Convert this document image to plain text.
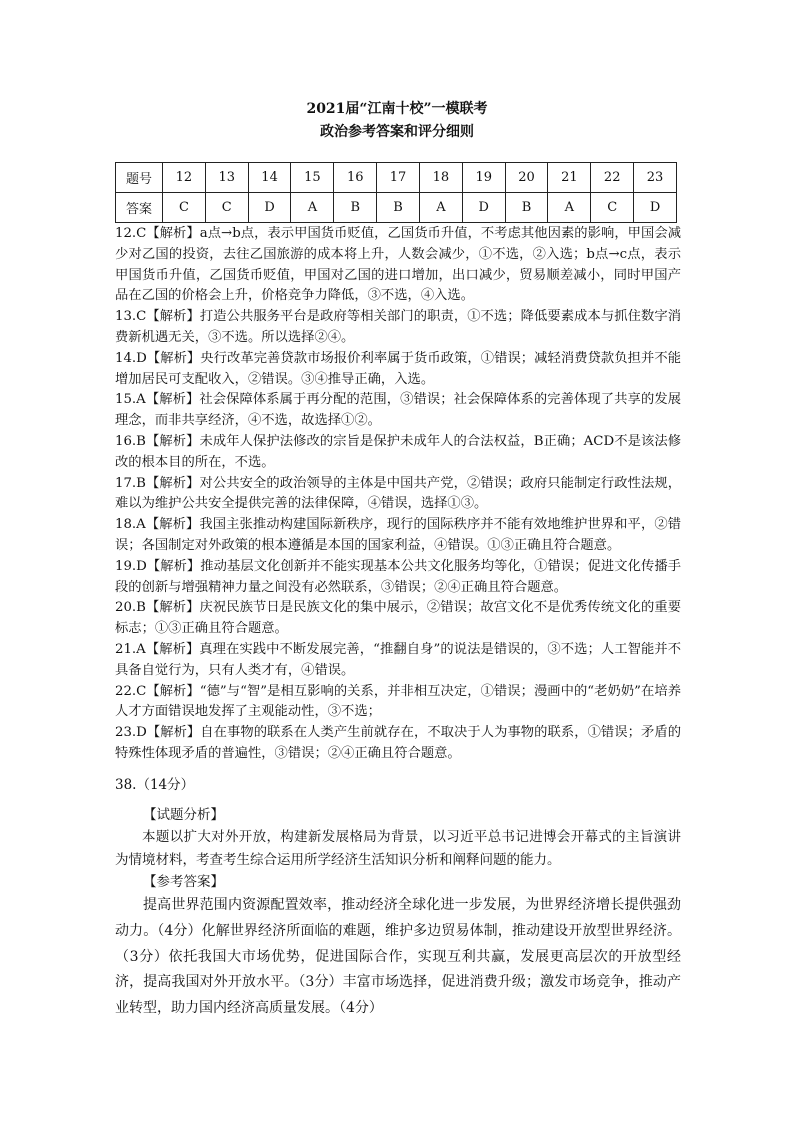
2021届“江南十校”一模联考
政治参考答案和评分细则
题号	12	13	14	15	16	17	18	19	20	21	22	23
答案	C	C	D	A	B	B	A	D	B	A	C	D

12.C【解析】a点→b点，表示甲国货币贬值，乙国货币升值，不考虑其他因素的影响，甲国会减少对乙国的投资，去往乙国旅游的成本将上升，人数会减少，①不选，②入选；b点→c点，表示甲国货币升值，乙国货币贬值，甲国对乙国的进口增加，出口减少，贸易顺差减小，同时甲国产品在乙国的价格会上升，价格竞争力降低，③不选，④入选。

13.C【解析】打造公共服务平台是政府等相关部门的职责，①不选；降低要素成本与抓住数字消费新机遇无关，③不选。所以选择②④。

14.D【解析】央行改革完善贷款市场报价利率属于货币政策，①错误；减轻消费贷款负担并不能增加居民可支配收入，②错误。③④推导正确，入选。

15.A【解析】社会保障体系属于再分配的范围，③错误；社会保障体系的完善体现了共享的发展理念，而非共享经济，④不选，故选择①②。

16.B【解析】未成年人保护法修改的宗旨是保护未成年人的合法权益，B正确；ACD不是该法修改的根本目的所在，不选。

17.B【解析】对公共安全的政治领导的主体是中国共产党，②错误；政府只能制定行政性法规，难以为维护公共安全提供完善的法律保障，④错误，选择①③。

18.A【解析】我国主张推动构建国际新秩序，现行的国际秩序并不能有效地维护世界和平，②错误；各国制定对外政策的根本遵循是本国的国家利益，④错误。①③正确且符合题意。

19.D【解析】推动基层文化创新并不能实现基本公共文化服务均等化，①错误；促进文化传播手段的创新与增强精神力量之间没有必然联系，③错误；②④正确且符合题意。

20.B【解析】庆祝民族节日是民族文化的集中展示，②错误；故宫文化不是优秀传统文化的重要标志；①③正确且符合题意。

21.A【解析】真理在实践中不断发展完善，“推翻自身”的说法是错误的，③不选；人工智能并不具备自觉行为，只有人类才有，④错误。

22.C【解析】“德”与“智”是相互影响的关系，并非相互决定，①错误；漫画中的“老奶奶”在培养人才方面错误地发挥了主观能动性，③不选；

23.D【解析】自在事物的联系在人类产生前就存在，不取决于人为事物的联系，①错误；矛盾的特殊性体现矛盾的普遍性，③错误；②④正确且符合题意。

38.（14分）
【试题分析】

本题以扩大对外开放，构建新发展格局为背景，以习近平总书记进博会开幕式的主旨演讲为情境材料，考查考生综合运用所学经济生活知识分析和阐释问题的能力。

【参考答案】

提高世界范围内资源配置效率，推动经济全球化进一步发展，为世界经济增长提供强劲动力。（4分）化解世界经济所面临的难题，维护多边贸易体制，推动建设开放型世界经济。（3分）依托我国大市场优势，促进国际合作，实现互利共赢，发展更高层次的开放型经济，提高我国对外开放水平。（3分）丰富市场选择，促进消费升级；激发市场竞争，推动产业转型，助力国内经济高质量发展。（4分）
